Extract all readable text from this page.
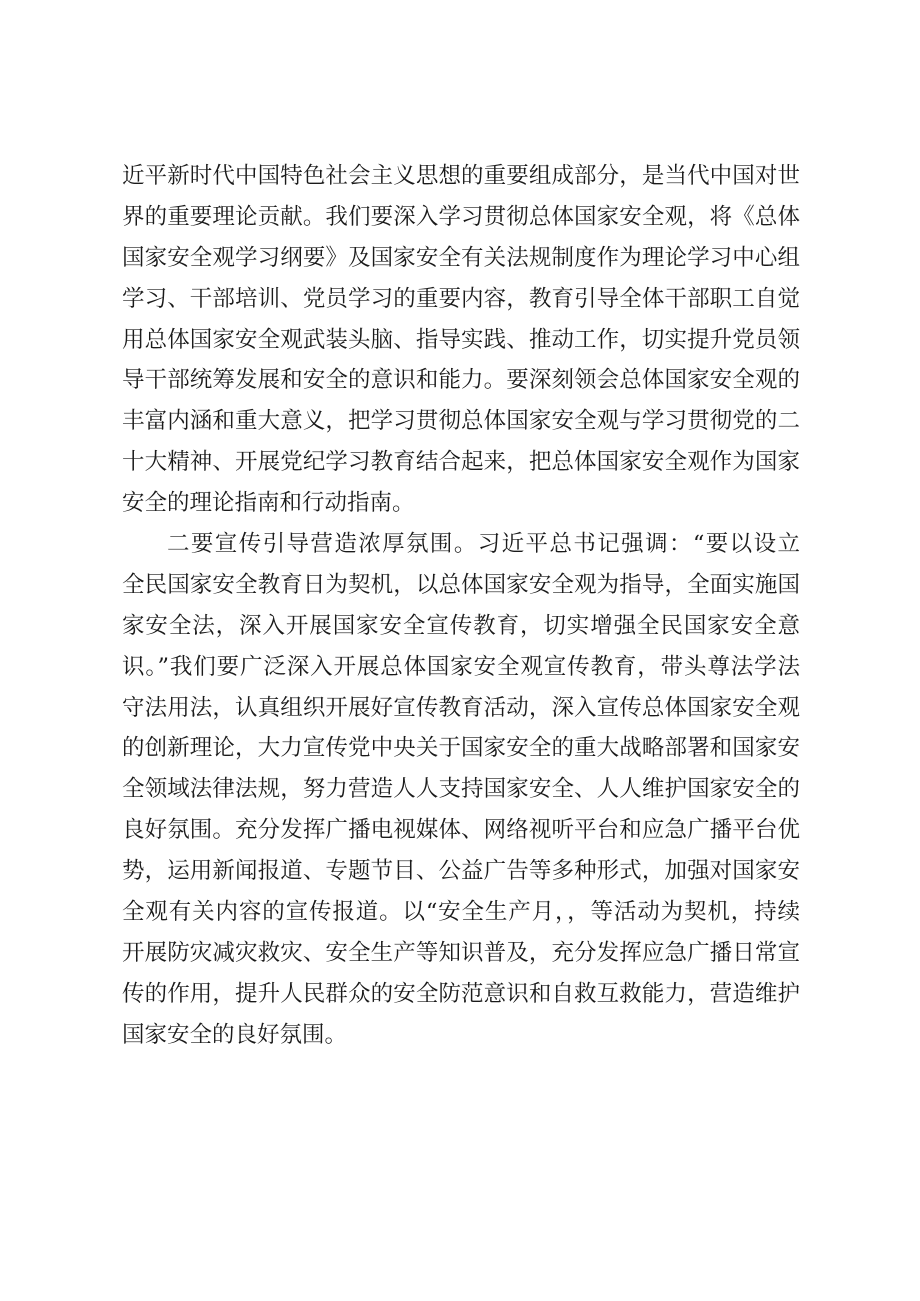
近平新时代中国特色社会主义思想的重要组成部分，是当代中国对世
界的重要理论贡献。我们要深入学习贯彻总体国家安全观，将《总体
国家安全观学习纲要》及国家安全有关法规制度作为理论学习中心组
学习、干部培训、党员学习的重要内容，教育引导全体干部职工自觉
用总体国家安全观武装头脑、指导实践、推动工作，切实提升党员领
导干部统筹发展和安全的意识和能力。要深刻领会总体国家安全观的
丰富内涵和重大意义，把学习贯彻总体国家安全观与学习贯彻党的二
十大精神、开展党纪学习教育结合起来，把总体国家安全观作为国家
安全的理论指南和行动指南。
二要宣传引导营造浓厚氛围。习近平总书记强调：“要以设立
全民国家安全教育日为契机，以总体国家安全观为指导，全面实施国
家安全法，深入开展国家安全宣传教育，切实增强全民国家安全意
识。”我们要广泛深入开展总体国家安全观宣传教育，带头尊法学法
守法用法，认真组织开展好宣传教育活动，深入宣传总体国家安全观
的创新理论，大力宣传党中央关于国家安全的重大战略部署和国家安
全领域法律法规，努力营造人人支持国家安全、人人维护国家安全的
良好氛围。充分发挥广播电视媒体、网络视听平台和应急广播平台优
势，运用新闻报道、专题节目、公益广告等多种形式，加强对国家安
全观有关内容的宣传报道。以“安全生产月，，等活动为契机，持续
开展防灾减灾救灾、安全生产等知识普及，充分发挥应急广播日常宣
传的作用，提升人民群众的安全防范意识和自救互救能力，营造维护
国家安全的良好氛围。
